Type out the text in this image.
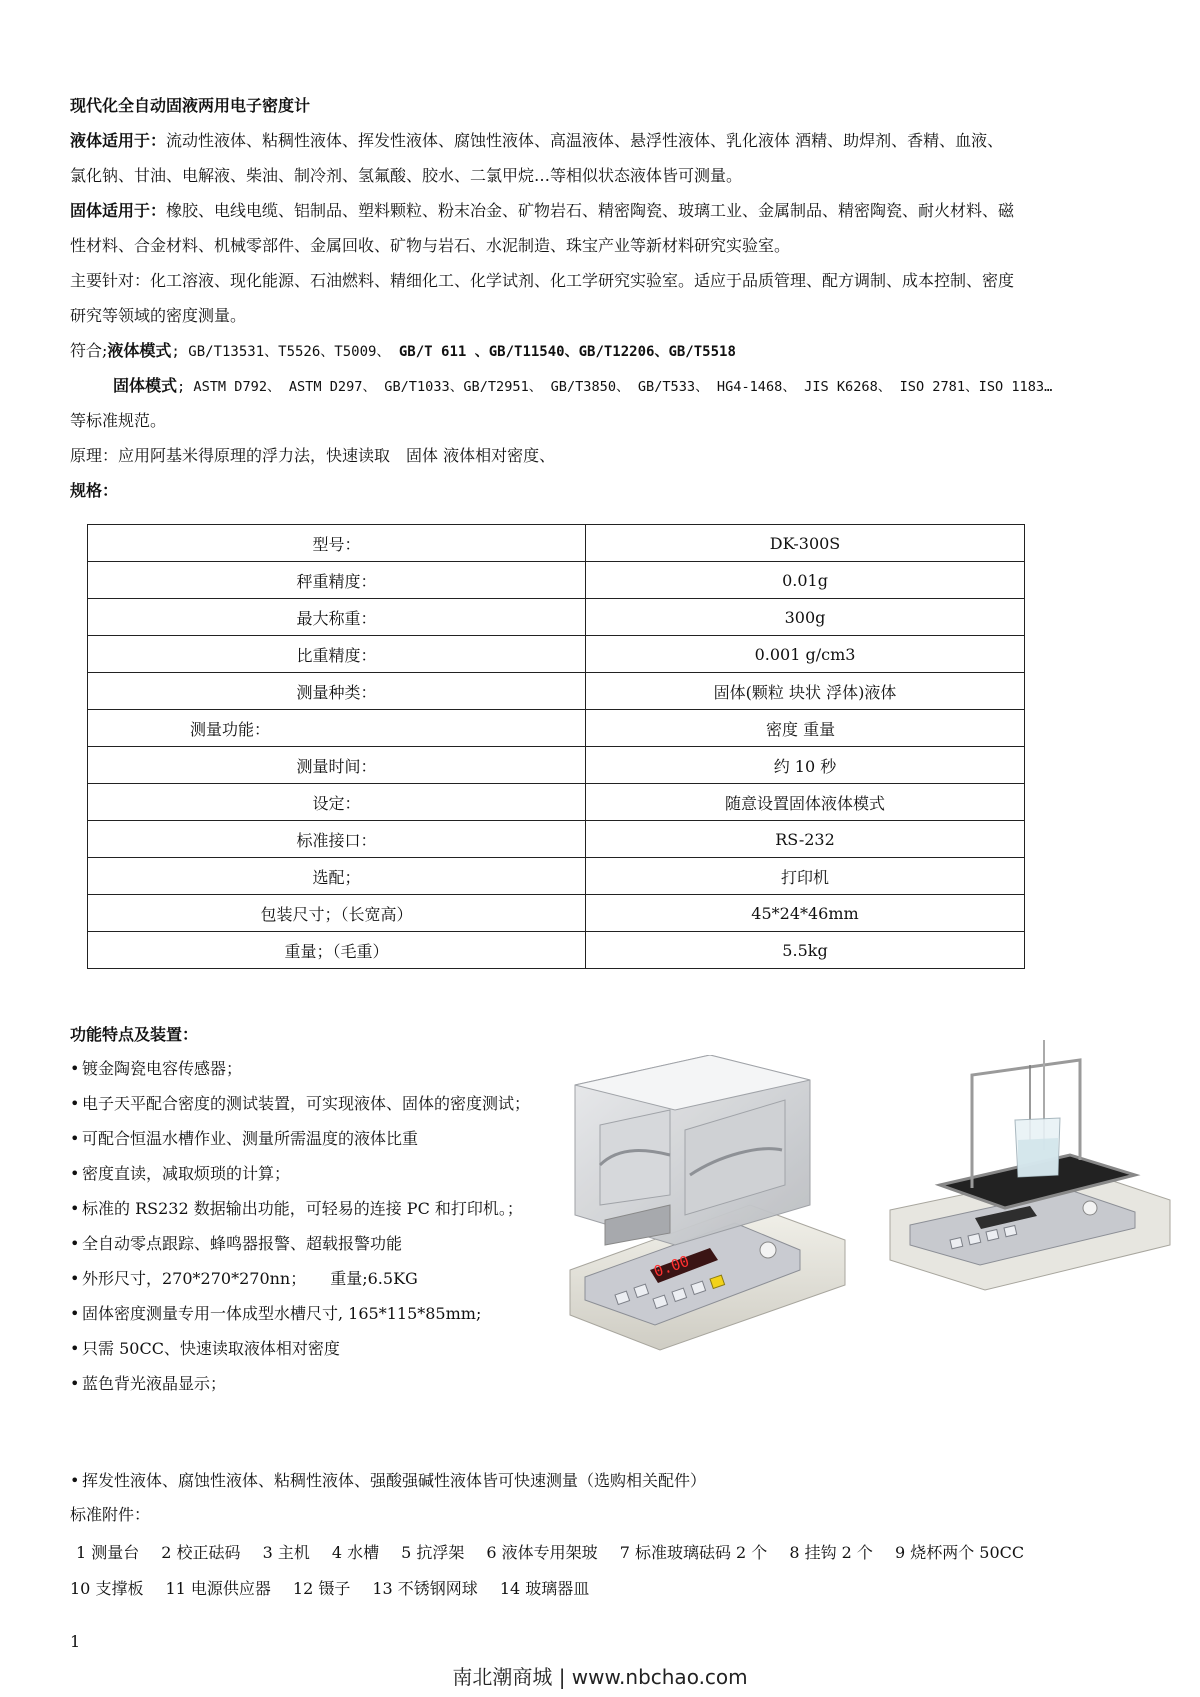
现代化全自动固液两用电子密度计
液体适用于：流动性液体、粘稠性液体、挥发性液体、腐蚀性液体、高温液体、悬浮性液体、乳化液体 酒精、助焊剂、香精、血液、
氯化钠、甘油、电解液、柴油、制冷剂、氢氟酸、胶水、二氯甲烷…等相似状态液体皆可测量。
固体适用于：橡胶、电线电缆、铝制品、塑料颗粒、粉末冶金、矿物岩石、精密陶瓷、玻璃工业、金属制品、精密陶瓷、耐火材料、磁
性材料、合金材料、机械零部件、金属回收、矿物与岩石、水泥制造、珠宝产业等新材料研究实验室。
主要针对：化工溶液、现化能源、石油燃料、精细化工、化学试剂、化工学研究实验室。适应于品质管理、配方调制、成本控制、密度
研究等领域的密度测量。
符合;液体模式; GB/T13531、T5526、T5009、 GB/T 611 、GB/T11540、GB/T12206、GB/T5518
固体模式; ASTM D792、 ASTM D297、 GB/T1033、GB/T2951、 GB/T3850、 GB/T533、 HG4-1468、 JIS K6268、 ISO 2781、ISO 1183…
等标准规范。
原理：应用阿基米得原理的浮力法，快速读取　固体 液体相对密度、
规格：
型号：	DK-300S
秤重精度：	0.01g
最大称重：	300g
比重精度：	0.001 g/cm3
测量种类：	固体(颗粒 块状 浮体)液体
测量功能：	密度 重量
测量时间：	约 10 秒
设定：	随意设置固体液体模式
标准接口：	RS-232
选配；	打印机
包装尺寸；（长宽高）	45*24*46mm
重量；（毛重）	5.5kg
功能特点及装置：
• 镀金陶瓷电容传感器；
• 电子天平配合密度的测试装置，可实现液体、固体的密度测试；
• 可配合恒温水槽作业、测量所需温度的液体比重
• 密度直读，减取烦琐的计算；
• 标准的 RS232 数据输出功能，可轻易的连接 PC 和打印机。；
• 全自动零点跟踪、蜂鸣器报警、超载报警功能
• 外形尺寸，270*270*270nn；　　重量;6.5KG
• 固体密度测量专用一体成型水槽尺寸, 165*115*85mm;
• 只需 50CC、快速读取液体相对密度
• 蓝色背光液晶显示；
• 挥发性液体、腐蚀性液体、粘稠性液体、强酸强碱性液体皆可快速测量（选购相关配件）
标准附件：
1 测量台 2 校正砝码 3 主机 4 水槽 5 抗浮架 6 液体专用架玻 7 标准玻璃砝码 2 个 8 挂钩 2 个 9 烧杯两个 50CC
10 支撑板 11 电源供应器 12 镊子 13 不锈钢网球 14 玻璃器皿
0.00
1
南北潮商城 | www.nbchao.com
